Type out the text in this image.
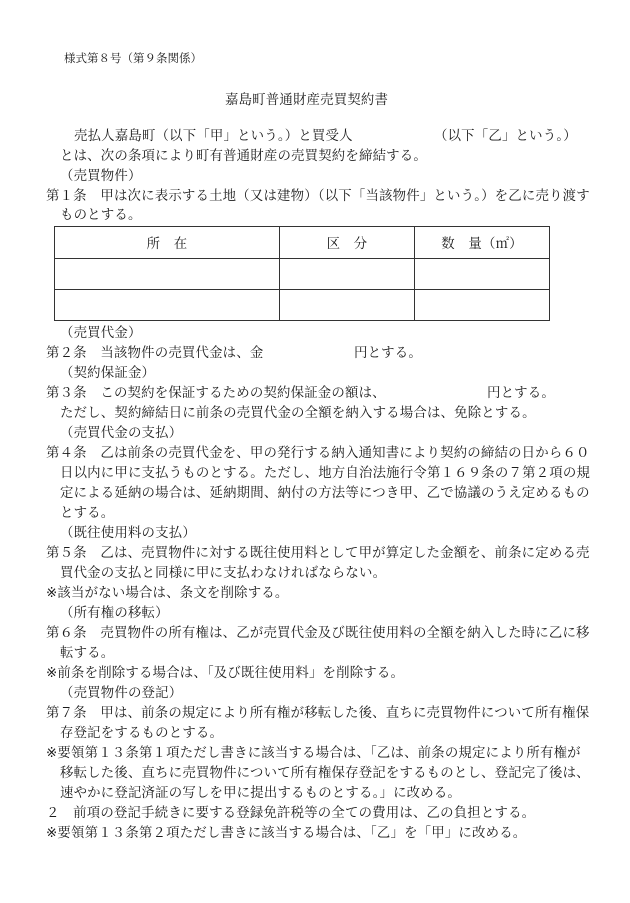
様式第８号（第９条関係）
嘉島町普通財産売買契約書
売払人嘉島町（以下「甲」という。）と買受人	（以下「乙」という。）
とは、次の条項により町有普通財産の売買契約を締結する。
（売買物件）
第１条　甲は次に表示する土地（又は建物）（以下「当該物件」という。）を乙に売り渡す
ものとする。
所　在	区　分	数　量（㎡）

（売買代金）
第２条　当該物件の売買代金は、金	円とする。
（契約保証金）
第３条　この契約を保証するための契約保証金の額は、	円とする。
ただし、契約締結日に前条の売買代金の全額を納入する場合は、免除とする。
（売買代金の支払）
第４条　乙は前条の売買代金を、甲の発行する納入通知書により契約の締結の日から６０
日以内に甲に支払うものとする。ただし、地方自治法施行令第１６９条の７第２項の規
定による延納の場合は、延納期間、納付の方法等につき甲、乙で協議のうえ定めるもの
とする。
（既往使用料の支払）
第５条　乙は、売買物件に対する既往使用料として甲が算定した金額を、前条に定める売
買代金の支払と同様に甲に支払わなければならない。
※該当がない場合は、条文を削除する。
（所有権の移転）
第６条　売買物件の所有権は、乙が売買代金及び既往使用料の全額を納入した時に乙に移
転する。
※前条を削除する場合は、「及び既往使用料」を削除する。
（売買物件の登記）
第７条　甲は、前条の規定により所有権が移転した後、直ちに売買物件について所有権保
存登記をするものとする。
※要領第１３条第１項ただし書きに該当する場合は、「乙は、前条の規定により所有権が
移転した後、直ちに売買物件について所有権保存登記をするものとし、登記完了後は、
速やかに登記済証の写しを甲に提出するものとする。」に改める。
２　前項の登記手続きに要する登録免許税等の全ての費用は、乙の負担とする。
※要領第１３条第２項ただし書きに該当する場合は、「乙」を「甲」に改める。
